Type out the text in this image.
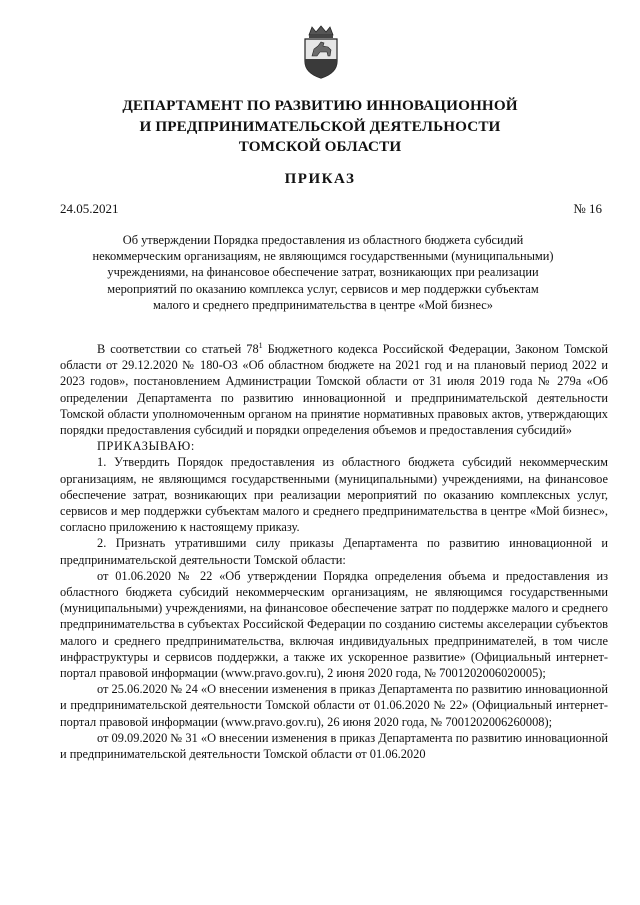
ДЕПАРТАМЕНТ ПО РАЗВИТИЮ ИННОВАЦИОННОЙ
И ПРЕДПРИНИМАТЕЛЬСКОЙ ДЕЯТЕЛЬНОСТИ
ТОМСКОЙ ОБЛАСТИ
ПРИКАЗ
24.05.2021	№ 16
Об утверждении Порядка предоставления из областного бюджета субсидий некоммерческим организациям, не являющимся государственными (муниципальными) учреждениями, на финансовое обеспечение затрат, возникающих при реализации мероприятий по оказанию комплекса услуг, сервисов и мер поддержки субъектам малого и среднего предпринимательства в центре «Мой бизнес»

В соответствии со статьей $78^1$ Бюджетного кодекса Российской Федерации, Законом Томской области от 29.12.2020 № 180-ОЗ «Об областном бюджете на 2021 год и на плановый период 2022 и 2023 годов», постановлением Администрации Томской области от 31 июля 2019 года № 279а «Об определении Департамента по развитию инновационной и предпринимательской деятельности Томской области уполномоченным органом на принятие нормативных правовых актов, утверждающих порядки предоставления субсидий и порядки определения объемов и предоставления субсидий»

ПРИКАЗЫВАЮ:

1. Утвердить Порядок предоставления из областного бюджета субсидий некоммерческим организациям, не являющимся государственными (муниципальными) учреждениями, на финансовое обеспечение затрат, возникающих при реализации мероприятий по оказанию комплексных услуг, сервисов и мер поддержки субъектам малого и среднего предпринимательства в центре «Мой бизнес», согласно приложению к настоящему приказу.

2. Признать утратившими силу приказы Департамента по развитию инновационной и предпринимательской деятельности Томской области:

от 01.06.2020 № 22 «Об утверждении Порядка определения объема и предоставления из областного бюджета субсидий некоммерческим организациям, не являющимся государственными (муниципальными) учреждениями, на финансовое обеспечение затрат по поддержке малого и среднего предпринимательства в субъектах Российской Федерации по созданию системы акселерации субъектов малого и среднего предпринимательства, включая индивидуальных предпринимателей, в том числе инфраструктуры и сервисов поддержки, а также их ускоренное развитие» (Официальный интернет-портал правовой информации (www.pravo.gov.ru), 2 июня 2020 года, № 7001202006020005);

от 25.06.2020 № 24 «О внесении изменения в приказ Департамента по развитию инновационной и предпринимательской деятельности Томской области от 01.06.2020 № 22» (Официальный интернет-портал правовой информации (www.pravo.gov.ru), 26 июня 2020 года, № 7001202006260008);

от 09.09.2020 № 31 «О внесении изменения в приказ Департамента по развитию инновационной и предпринимательской деятельности Томской области от 01.06.2020
